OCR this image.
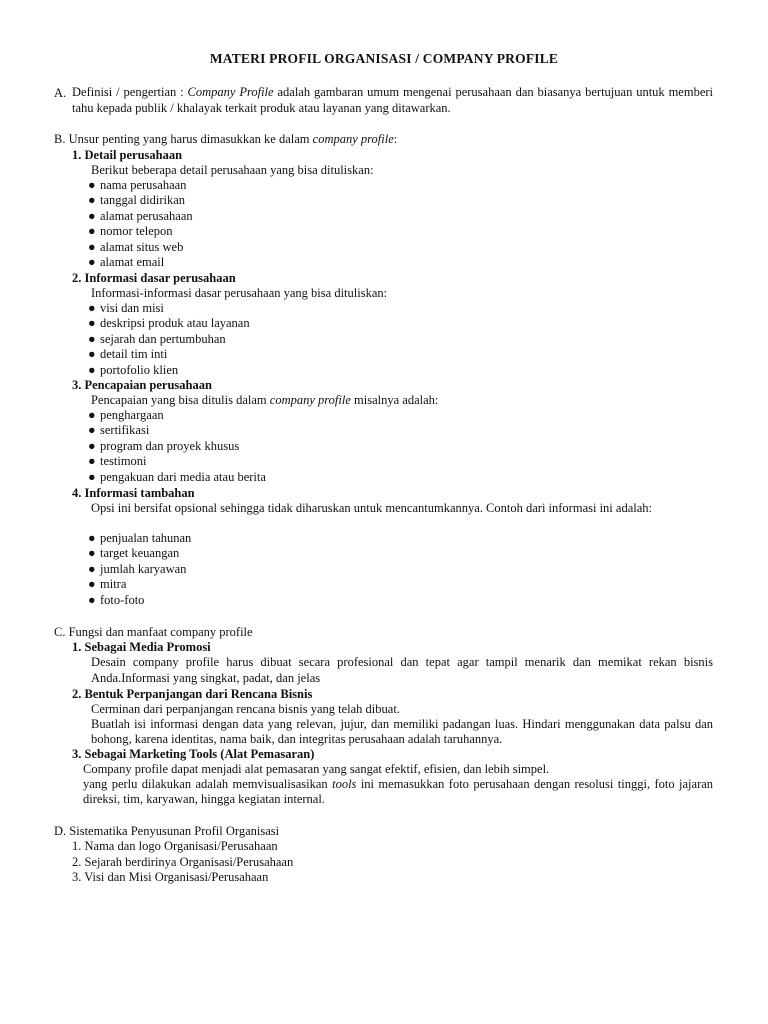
MATERI PROFIL ORGANISASI / COMPANY PROFILE
A. Definisi / pengertian : Company Profile adalah gambaran umum mengenai perusahaan dan biasanya bertujuan untuk memberi tahu kepada publik / khalayak terkait produk atau layanan yang ditawarkan.
B. Unsur penting yang harus dimasukkan ke dalam company profile:
1. Detail perusahaan
Berikut beberapa detail perusahaan yang bisa dituliskan:
● nama perusahaan
● tanggal didirikan
● alamat perusahaan
● nomor telepon
● alamat situs web
● alamat email
2. Informasi dasar perusahaan
Informasi-informasi dasar perusahaan yang bisa dituliskan:
● visi dan misi
● deskripsi produk atau layanan
● sejarah dan pertumbuhan
● detail tim inti
● portofolio klien
3. Pencapaian perusahaan
Pencapaian yang bisa ditulis dalam company profile misalnya adalah:
● penghargaan
● sertifikasi
● program dan proyek khusus
● testimoni
● pengakuan dari media atau berita
4. Informasi tambahan
Opsi ini bersifat opsional sehingga tidak diharuskan untuk mencantumkannya. Contoh dari informasi ini adalah:
● penjualan tahunan
● target keuangan
● jumlah karyawan
● mitra
● foto-foto
C. Fungsi dan manfaat company profile
1. Sebagai Media Promosi
Desain company profile harus dibuat secara profesional dan tepat agar tampil menarik dan memikat rekan bisnis Anda.Informasi yang singkat, padat, dan jelas
2. Bentuk Perpanjangan dari Rencana Bisnis
Cerminan dari perpanjangan rencana bisnis yang telah dibuat.
Buatlah isi informasi dengan data yang relevan, jujur, dan memiliki padangan luas. Hindari menggunakan data palsu dan bohong, karena identitas, nama baik, dan integritas perusahaan adalah taruhannya.
3. Sebagai Marketing Tools (Alat Pemasaran)
Company profile dapat menjadi alat pemasaran yang sangat efektif, efisien, dan lebih simpel.
yang perlu dilakukan adalah memvisualisasikan tools ini memasukkan foto perusahaan dengan resolusi tinggi, foto jajaran direksi, tim, karyawan, hingga kegiatan internal.
D. Sistematika Penyusunan Profil Organisasi
1. Nama dan logo Organisasi/Perusahaan
2. Sejarah berdirinya Organisasi/Perusahaan
3. Visi dan Misi Organisasi/Perusahaan
